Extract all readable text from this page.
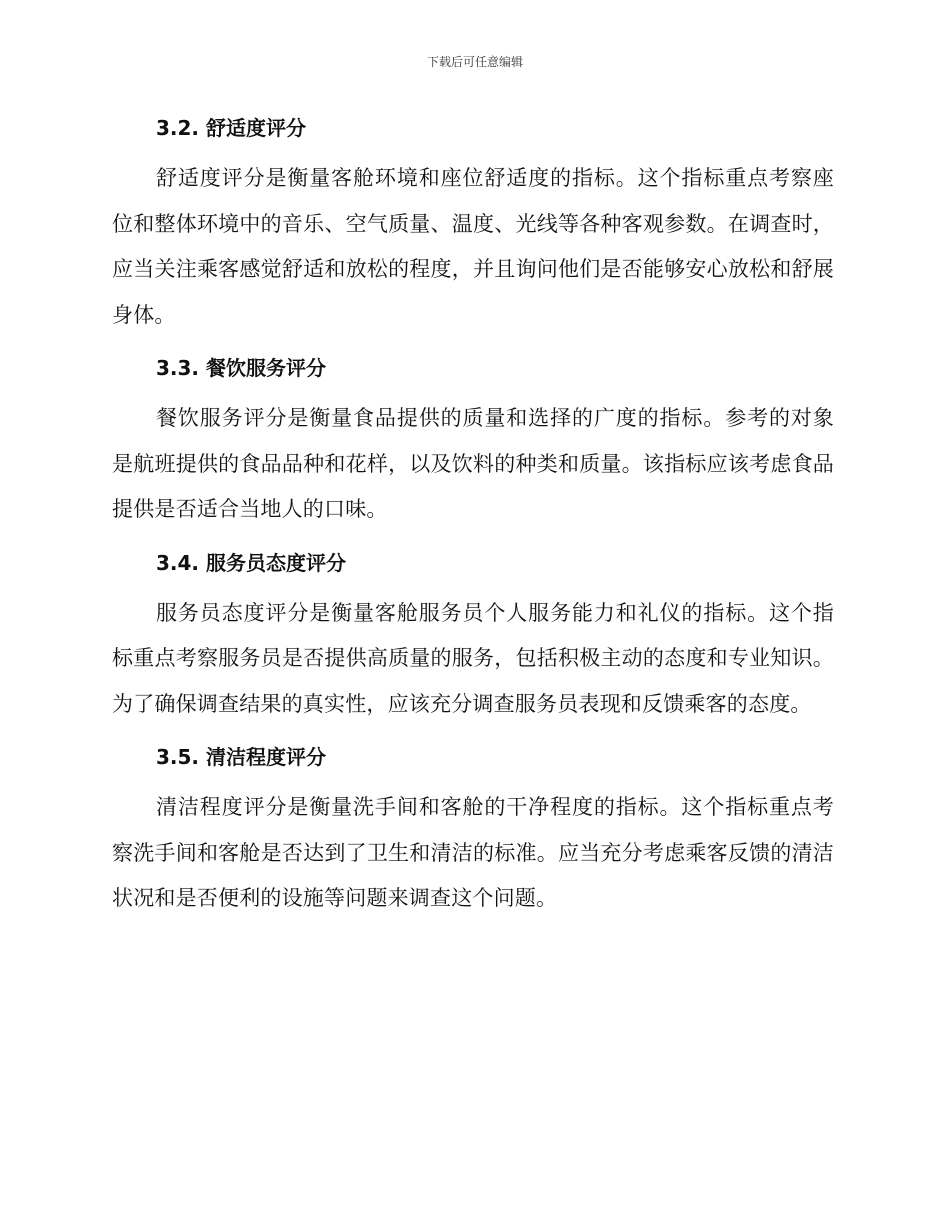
下载后可任意编辑
3.2. 舒适度评分

舒适度评分是衡量客舱环境和座位舒适度的指标。这个指标重点考察座位和整体环境中的音乐、空气质量、温度、光线等各种客观参数。在调查时，应当关注乘客感觉舒适和放松的程度，并且询问他们是否能够安心放松和舒展身体。

3.3. 餐饮服务评分

餐饮服务评分是衡量食品提供的质量和选择的广度的指标。参考的对象是航班提供的食品品种和花样，以及饮料的种类和质量。该指标应该考虑食品提供是否适合当地人的口味。

3.4. 服务员态度评分

服务员态度评分是衡量客舱服务员个人服务能力和礼仪的指标。这个指标重点考察服务员是否提供高质量的服务，包括积极主动的态度和专业知识。为了确保调查结果的真实性，应该充分调查服务员表现和反馈乘客的态度。

3.5. 清洁程度评分

清洁程度评分是衡量洗手间和客舱的干净程度的指标。这个指标重点考察洗手间和客舱是否达到了卫生和清洁的标准。应当充分考虑乘客反馈的清洁状况和是否便利的设施等问题来调查这个问题。
